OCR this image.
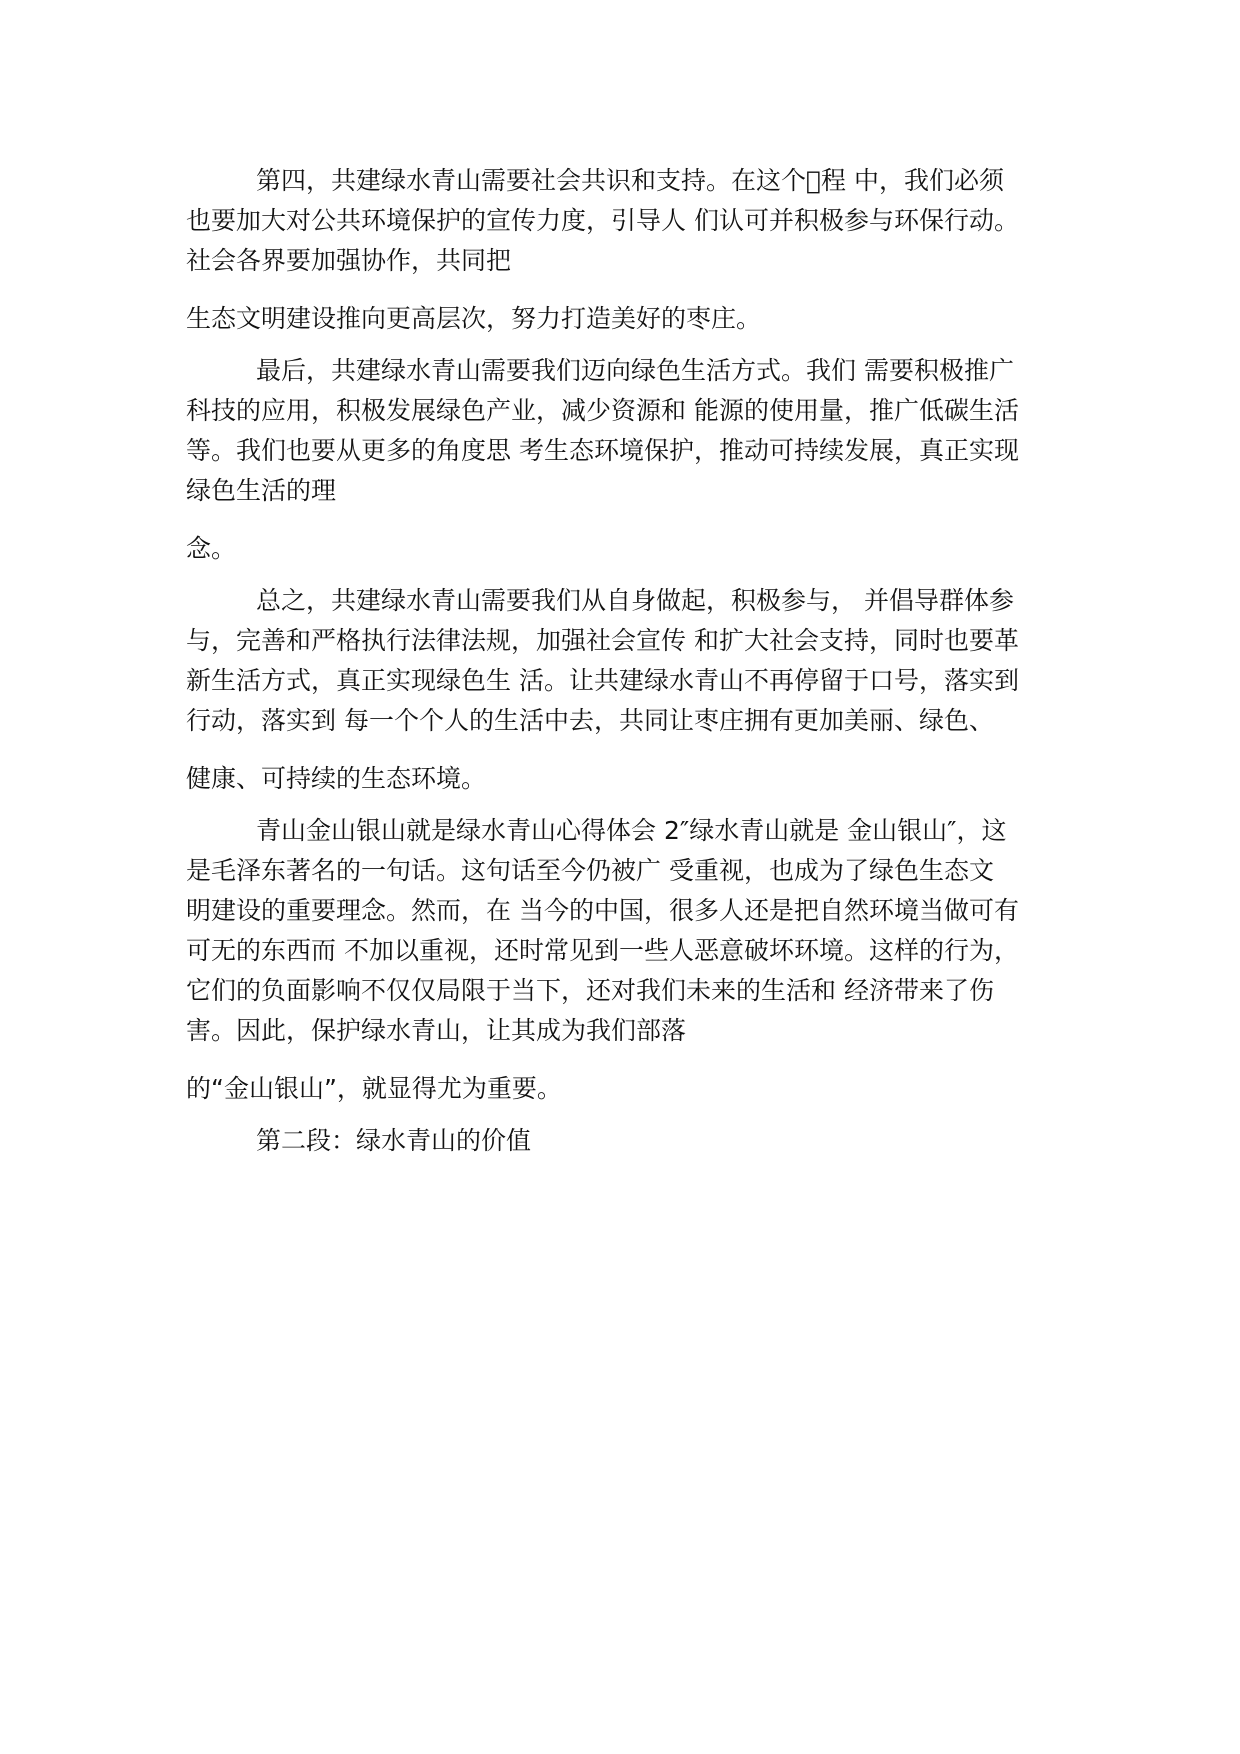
第四，共建绿水青山需要社会共识和支持。在这个 程 中，我们必须
也要加大对公共环境保护的宣传力度，引导人 们认可并积极参与环保行动。
社会各界要加强协作，共同把
生态文明建设推向更高层次，努力打造美好的枣庄。
最后，共建绿水青山需要我们迈向绿色生活方式。我们 需要积极推广
科技的应用，积极发展绿色产业，减少资源和 能源的使用量，推广低碳生活
等。我们也要从更多的角度思 考生态环境保护，推动可持续发展，真正实现
绿色生活的理
念。
总之，共建绿水青山需要我们从自身做起，积极参与， 并倡导群体参
与，完善和严格执行法律法规，加强社会宣传 和扩大社会支持，同时也要革
新生活方式，真正实现绿色生 活。让共建绿水青山不再停留于口号，落实到
行动，落实到 每一个个人的生活中去，共同让枣庄拥有更加美丽、绿色、
健康、可持续的生态环境。
青山金山银山就是绿水青山心得体会 2″绿水青山就是 金山银山″，这
是毛泽东著名的一句话。这句话至今仍被广 受重视，也成为了绿色生态文
明建设的重要理念。然而，在 当今的中国，很多人还是把自然环境当做可有
可无的东西而 不加以重视，还时常见到一些人恶意破坏环境。这样的行为，
它们的负面影响不仅仅局限于当下，还对我们未来的生活和 经济带来了伤
害。因此，保护绿水青山，让其成为我们部落
的“金山银山”，就显得尤为重要。
第二段：绿水青山的价值
